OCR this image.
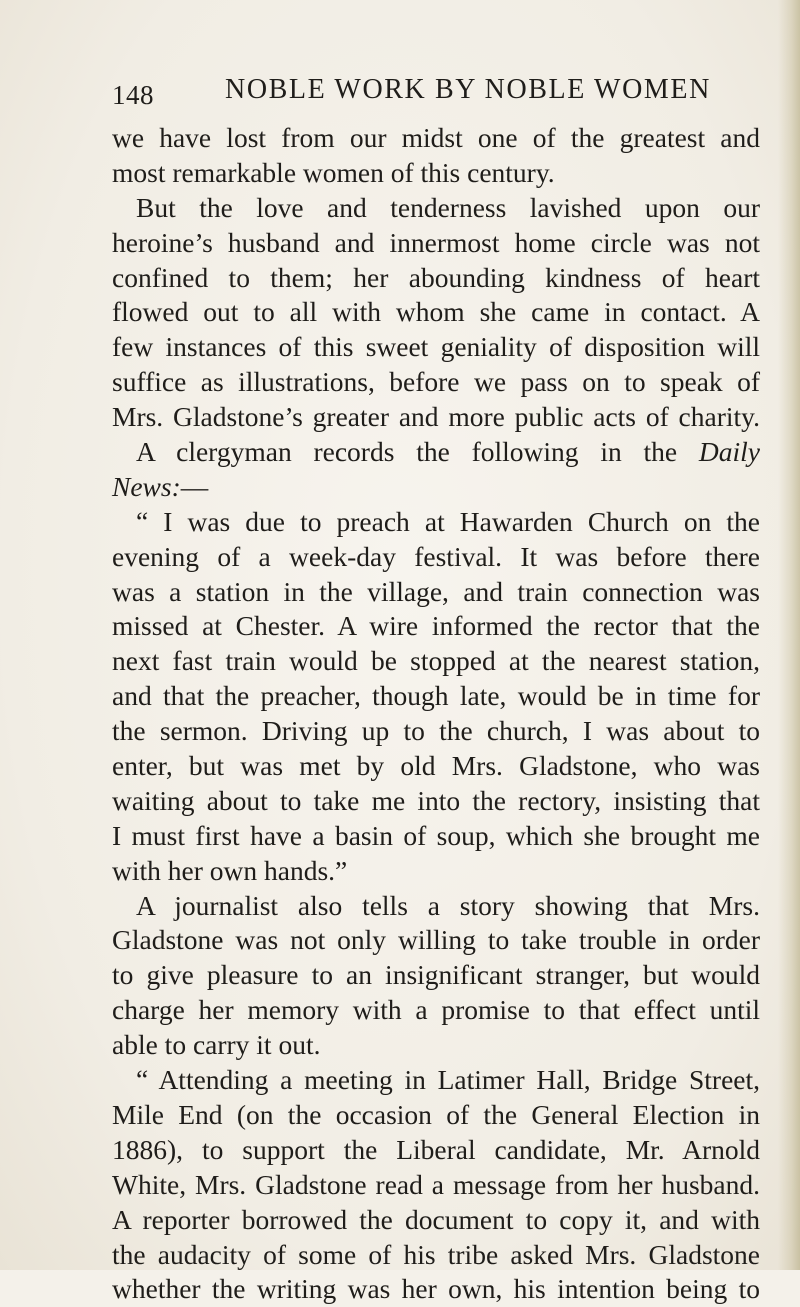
148	NOBLE WORK BY NOBLE WOMEN
we have lost from our midst one of the greatest and
most remarkable women of this century.
But the love and tenderness lavished upon our
heroine’s husband and innermost home circle was not
confined to them; her abounding kindness of heart
flowed out to all with whom she came in contact. A
few instances of this sweet geniality of disposition will
suffice as illustrations, before we pass on to speak of
Mrs. Gladstone’s greater and more public acts of charity.
A clergyman records the following in the Daily
News:—
“ I was due to preach at Hawarden Church on the
evening of a week-day festival. It was before there
was a station in the village, and train connection was
missed at Chester. A wire informed the rector that the
next fast train would be stopped at the nearest station,
and that the preacher, though late, would be in time for
the sermon. Driving up to the church, I was about to
enter, but was met by old Mrs. Gladstone, who was
waiting about to take me into the rectory, insisting that
I must first have a basin of soup, which she brought me
with her own hands.”
A journalist also tells a story showing that Mrs.
Gladstone was not only willing to take trouble in order
to give pleasure to an insignificant stranger, but would
charge her memory with a promise to that effect until
able to carry it out.
“ Attending a meeting in Latimer Hall, Bridge Street,
Mile End (on the occasion of the General Election in
1886), to support the Liberal candidate, Mr. Arnold
White, Mrs. Gladstone read a message from her husband.
A reporter borrowed the document to copy it, and with
the audacity of some of his tribe asked Mrs. Gladstone
whether the writing was her own, his intention being to
